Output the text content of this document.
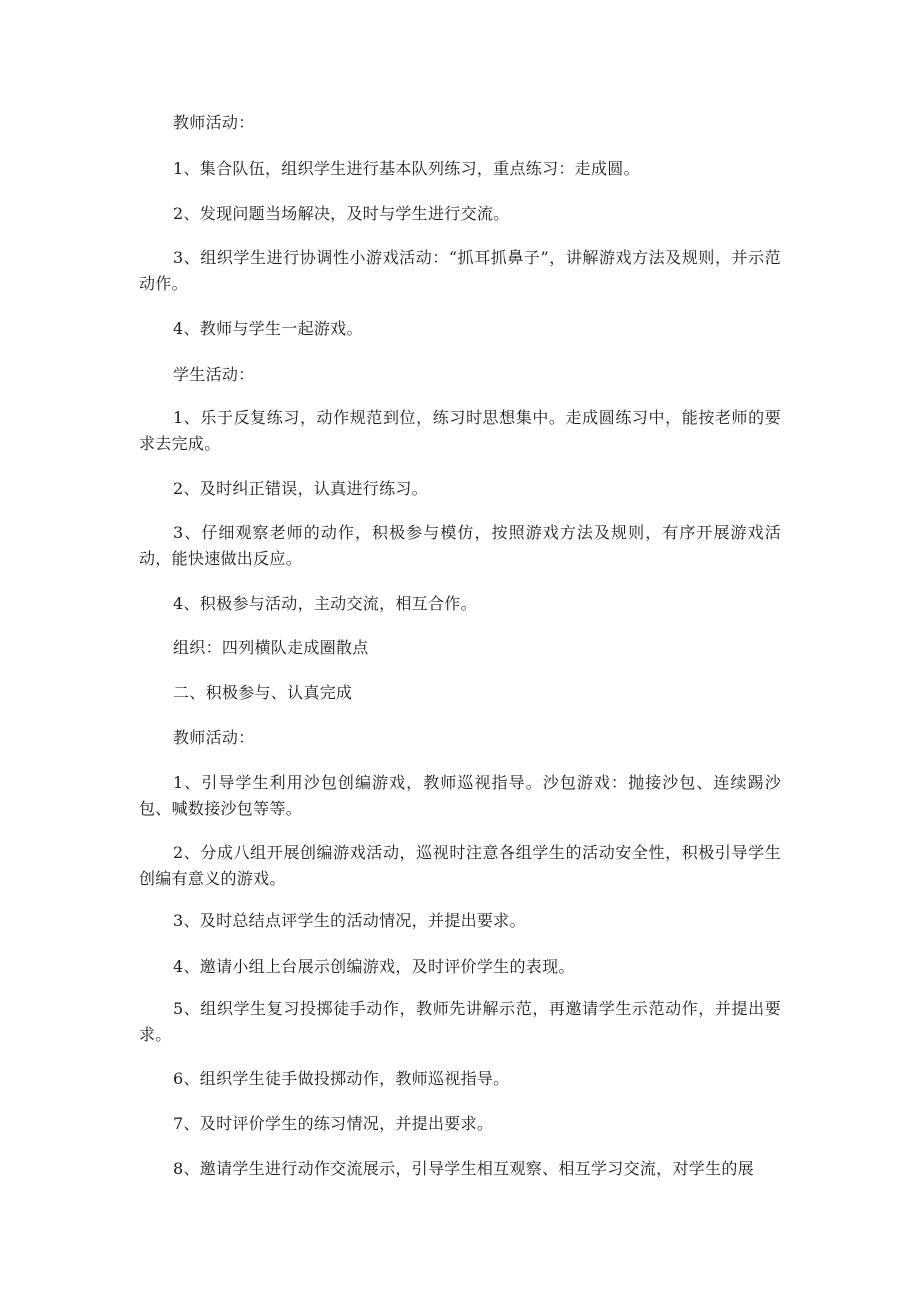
教师活动：

1、集合队伍，组织学生进行基本队列练习，重点练习：走成圆。

2、发现问题当场解决，及时与学生进行交流。

3、组织学生进行协调性小游戏活动：“抓耳抓鼻子”，讲解游戏方法及规则，并示范动作。

4、教师与学生一起游戏。

学生活动：

1、乐于反复练习，动作规范到位，练习时思想集中。走成圆练习中，能按老师的要求去完成。

2、及时纠正错误，认真进行练习。

3、仔细观察老师的动作，积极参与模仿，按照游戏方法及规则，有序开展游戏活动，能快速做出反应。

4、积极参与活动，主动交流，相互合作。

组织：四列横队走成圈散点

二、积极参与、认真完成

教师活动：

1、引导学生利用沙包创编游戏，教师巡视指导。沙包游戏：抛接沙包、连续踢沙包、喊数接沙包等等。

2、分成八组开展创编游戏活动，巡视时注意各组学生的活动安全性，积极引导学生创编有意义的游戏。

3、及时总结点评学生的活动情况，并提出要求。

4、邀请小组上台展示创编游戏，及时评价学生的表现。

5、组织学生复习投掷徒手动作，教师先讲解示范，再邀请学生示范动作，并提出要求。

6、组织学生徒手做投掷动作，教师巡视指导。

7、及时评价学生的练习情况，并提出要求。

8、邀请学生进行动作交流展示，引导学生相互观察、相互学习交流，对学生的展
